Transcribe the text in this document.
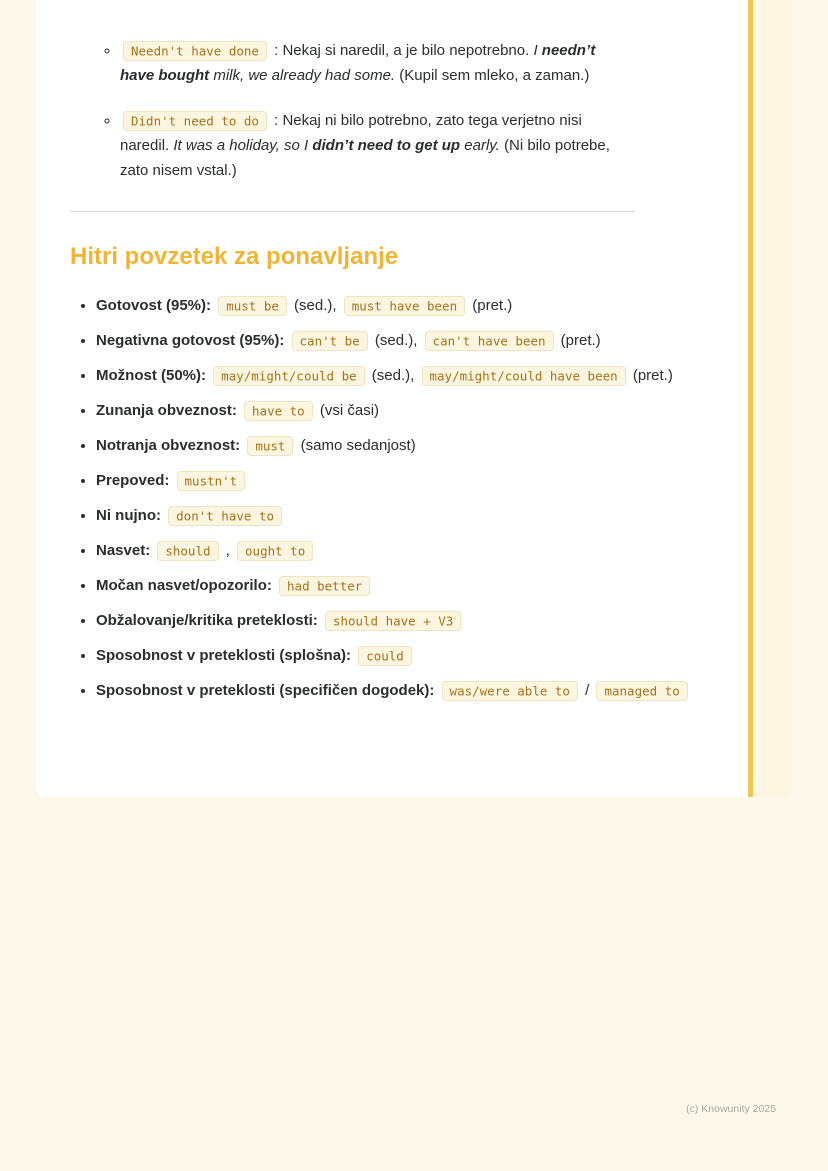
◦ Needn't have done : Nekaj si naredil, a je bilo nepotrebno. I needn’t have bought milk, we already had some. (Kupil sem mleko, a zaman.)
◦ Didn't need to do : Nekaj ni bilo potrebno, zato tega verjetno nisi naredil. It was a holiday, so I didn’t need to get up early. (Ni bilo potrebe, zato nisem vstal.)
Hitri povzetek za ponavljanje
• Gotovost (95%): must be (sed.), must have been (pret.)
• Negativna gotovost (95%): can't be (sed.), can't have been (pret.)
• Možnost (50%): may/might/could be (sed.), may/might/could have been (pret.)
• Zunanja obveznost: have to (vsi časi)
• Notranja obveznost: must (samo sedanjost)
• Prepoved: mustn't
• Ni nujno: don't have to
• Nasvet: should , ought to
• Močan nasvet/opozorilo: had better
• Obžalovanje/kritika preteklosti: should have + V3
• Sposobnost v preteklosti (splošna): could
• Sposobnost v preteklosti (specifičen dogodek): was/were able to / managed to
(c) Knowunity 2025
